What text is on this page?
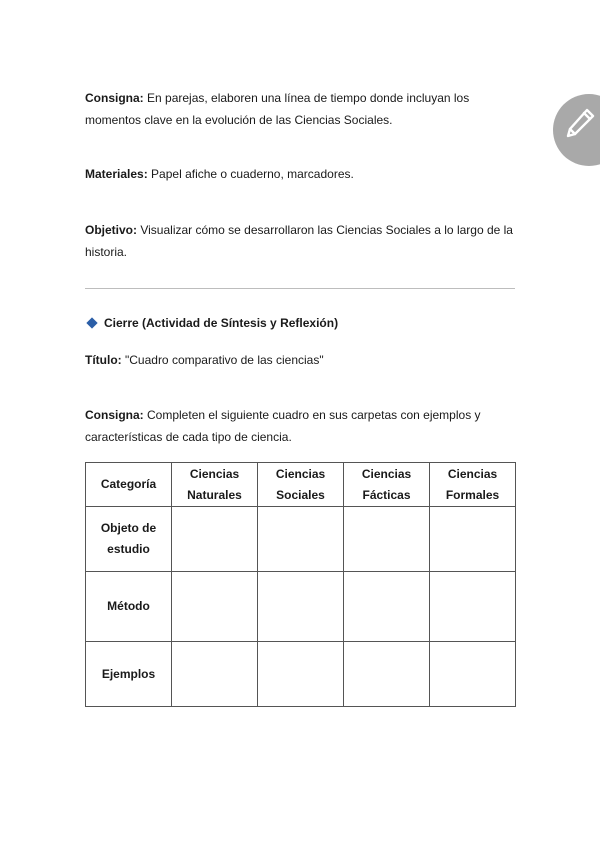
Consigna: En parejas, elaboren una línea de tiempo donde incluyan los momentos clave en la evolución de las Ciencias Sociales.

Materiales: Papel afiche o cuaderno, marcadores.

Objetivo: Visualizar cómo se desarrollaron las Ciencias Sociales a lo largo de la historia.

Cierre (Actividad de Síntesis y Reflexión)

Título: "Cuadro comparativo de las ciencias"

Consigna: Completen el siguiente cuadro en sus carpetas con ejemplos y características de cada tipo de ciencia.

Categoría	Ciencias Naturales	Ciencias Sociales	Ciencias Fácticas	Ciencias Formales
Objeto de estudio				
Método				
Ejemplos				
